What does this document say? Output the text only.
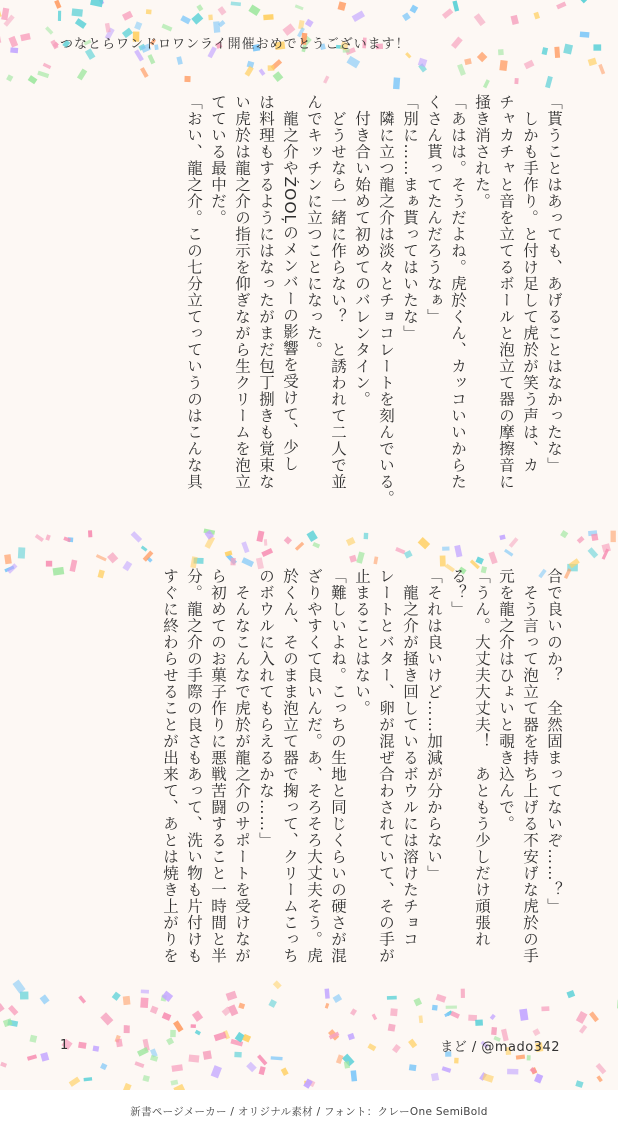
つなとらワンドロワンライ開催おめでとうございます！
「貰うことはあっても、あげることはなかったな」
　しかも手作り。と付け足して虎於が笑う声は、カ
チャカチャと音を立てるボールと泡立て器の摩擦音に
掻き消された。
「あはは。そうだよね。虎於くん、カッコいいからた
くさん貰ってたんだろうなぁ」
「別に……まぁ貰ってはいたな」
　隣に立つ龍之介は淡々とチョコレートを刻んでいる。
　付き合い始めて初めてのバレンタイン。
　どうせなら一緒に作らない？　と誘われて二人で並
んでキッチンに立つことになった。
　龍之介やŹOOĻのメンバーの影響を受けて、少し
は料理もするようにはなったがまだ包丁捌きも覚束な
い虎於は龍之介の指示を仰ぎながら生クリームを泡立
てている最中だ。
「おい、龍之介。この七分立てっていうのはこんな具
合で良いのか？　全然固まってないぞ……？」
　そう言って泡立て器を持ち上げる不安げな虎於の手
元を龍之介はひょいと覗き込んで。
「うん。大丈夫大丈夫！　あともう少しだけ頑張れ
る？」
「それは良いけど……加減が分からない」
　龍之介が掻き回しているボウルには溶けたチョコ
レートとバター、卵が混ぜ合わされていて、その手が
止まることはない。
「難しいよね。こっちの生地と同じくらいの硬さが混
ざりやすくて良いんだ。あ、そろそろ大丈夫そう。虎
於くん、そのまま泡立て器で掬って、クリームこっち
のボウルに入れてもらえるかな……」
　そんなこんなで虎於が龍之介のサポートを受けなが
ら初めてのお菓子作りに悪戦苦闘すること一時間と半
分。龍之介の手際の良さもあって、洗い物も片付けも
すぐに終わらせることが出来て、あとは焼き上がりを
1	まど / @mado342
新書ページメーカー / オリジナル素材 / フォント：クレーOne SemiBold
